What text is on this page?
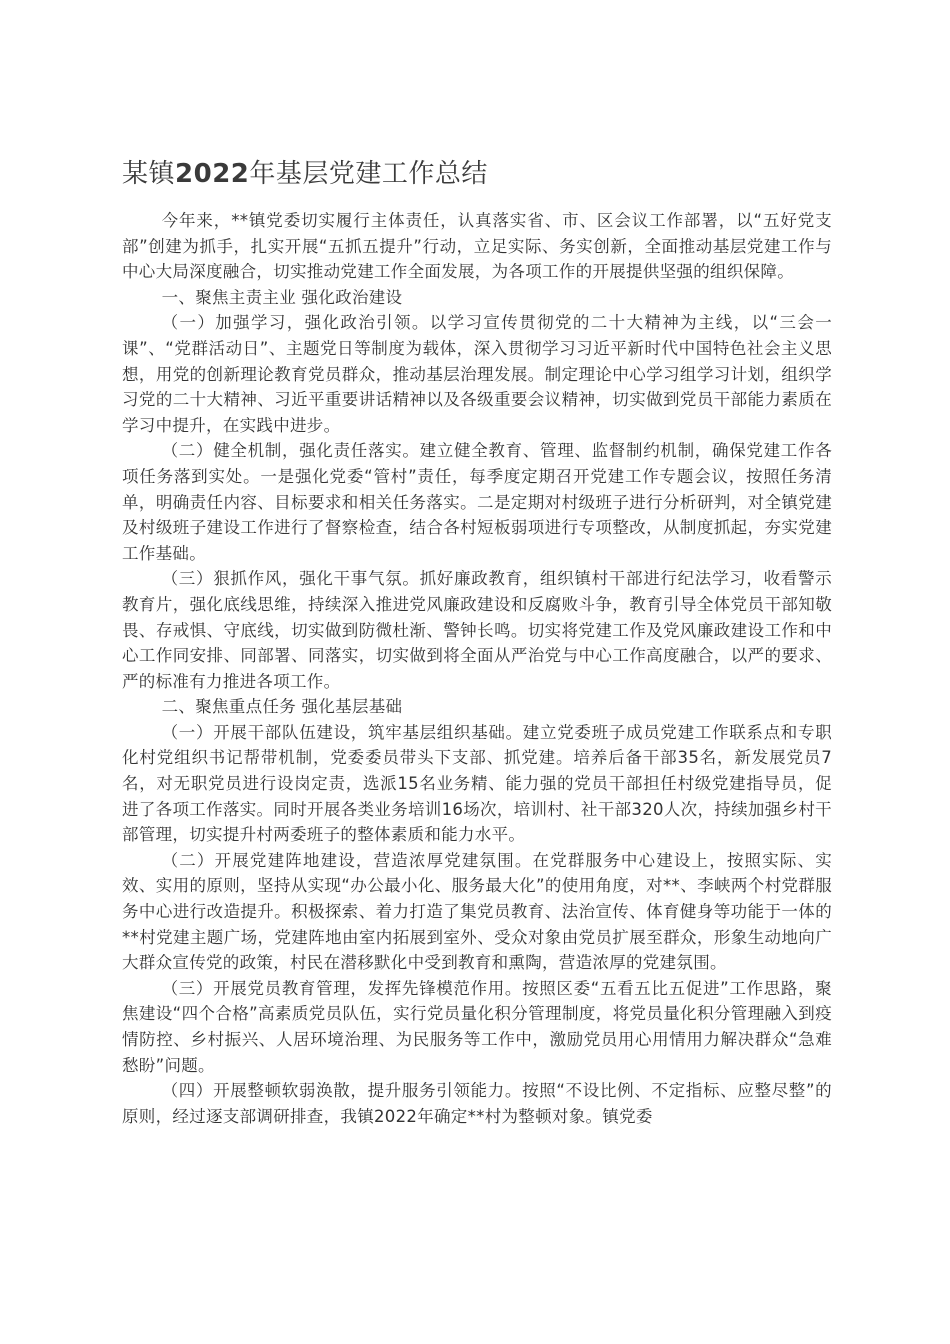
某镇2022年基层党建工作总结

今年来，**镇党委切实履行主体责任，认真落实省、市、区会议工作部署，以“五好党支部”创建为抓手，扎实开展“五抓五提升”行动，立足实际、务实创新，全面推动基层党建工作与中心大局深度融合，切实推动党建工作全面发展，为各项工作的开展提供坚强的组织保障。

一、聚焦主责主业 强化政治建设

（一）加强学习，强化政治引领。以学习宣传贯彻党的二十大精神为主线，以“三会一课”、“党群活动日”、主题党日等制度为载体，深入贯彻学习习近平新时代中国特色社会主义思想，用党的创新理论教育党员群众，推动基层治理发展。制定理论中心学习组学习计划，组织学习党的二十大精神、习近平重要讲话精神以及各级重要会议精神，切实做到党员干部能力素质在学习中提升，在实践中进步。

（二）健全机制，强化责任落实。建立健全教育、管理、监督制约机制，确保党建工作各项任务落到实处。一是强化党委“管村”责任，每季度定期召开党建工作专题会议，按照任务清单，明确责任内容、目标要求和相关任务落实。二是定期对村级班子进行分析研判，对全镇党建及村级班子建设工作进行了督察检查，结合各村短板弱项进行专项整改，从制度抓起，夯实党建工作基础。

（三）狠抓作风，强化干事气氛。抓好廉政教育，组织镇村干部进行纪法学习，收看警示教育片，强化底线思维，持续深入推进党风廉政建设和反腐败斗争，教育引导全体党员干部知敬畏、存戒惧、守底线，切实做到防微杜渐、警钟长鸣。切实将党建工作及党风廉政建设工作和中心工作同安排、同部署、同落实，切实做到将全面从严治党与中心工作高度融合，以严的要求、严的标准有力推进各项工作。

二、聚焦重点任务 强化基层基础

（一）开展干部队伍建设，筑牢基层组织基础。建立党委班子成员党建工作联系点和专职化村党组织书记帮带机制，党委委员带头下支部、抓党建。培养后备干部35名，新发展党员7名，对无职党员进行设岗定责，选派15名业务精、能力强的党员干部担任村级党建指导员，促进了各项工作落实。同时开展各类业务培训16场次，培训村、社干部320人次，持续加强乡村干部管理，切实提升村两委班子的整体素质和能力水平。

（二）开展党建阵地建设，营造浓厚党建氛围。在党群服务中心建设上，按照实际、实效、实用的原则，坚持从实现“办公最小化、服务最大化”的使用角度，对**、李峡两个村党群服务中心进行改造提升。积极探索、着力打造了集党员教育、法治宣传、体育健身等功能于一体的**村党建主题广场，党建阵地由室内拓展到室外、受众对象由党员扩展至群众，形象生动地向广大群众宣传党的政策，村民在潜移默化中受到教育和熏陶，营造浓厚的党建氛围。

（三）开展党员教育管理，发挥先锋模范作用。按照区委“五看五比五促进”工作思路，聚焦建设“四个合格”高素质党员队伍，实行党员量化积分管理制度，将党员量化积分管理融入到疫情防控、乡村振兴、人居环境治理、为民服务等工作中，激励党员用心用情用力解决群众“急难愁盼”问题。

（四）开展整顿软弱涣散，提升服务引领能力。按照“不设比例、不定指标、应整尽整”的原则，经过逐支部调研排查，我镇2022年确定**村为整顿对象。镇党委
